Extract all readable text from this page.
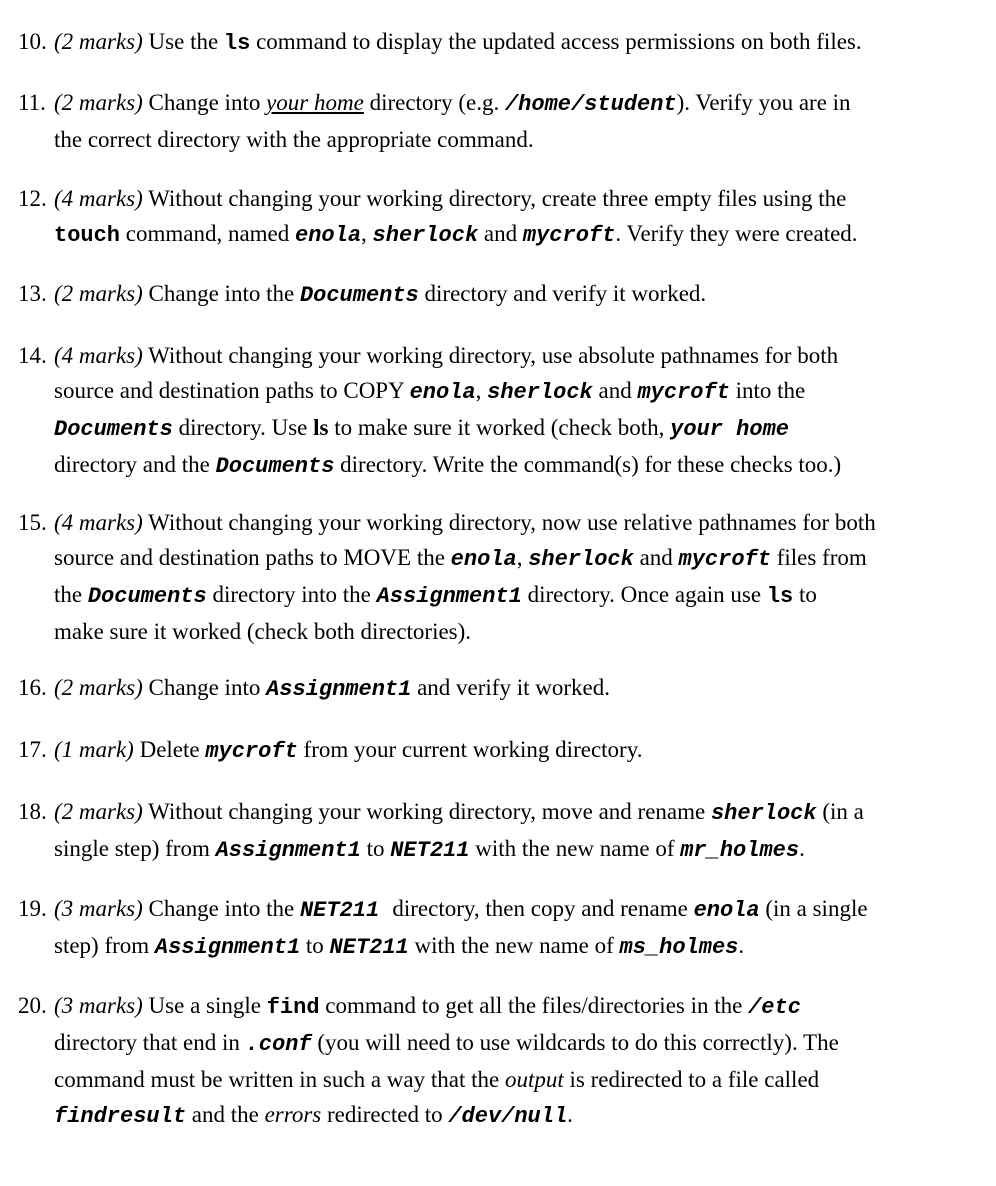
10. (2 marks) Use the ls command to display the updated access permissions on both files.
11. (2 marks) Change into your home directory (e.g. /home/student). Verify you are in
the correct directory with the appropriate command.
12. (4 marks) Without changing your working directory, create three empty files using the
touch command, named enola, sherlock and mycroft. Verify they were created.
13. (2 marks) Change into the Documents directory and verify it worked.
14. (4 marks) Without changing your working directory, use absolute pathnames for both
source and destination paths to COPY enola, sherlock and mycroft into the
Documents directory. Use ls to make sure it worked (check both, your home
directory and the Documents directory. Write the command(s) for these checks too.)
15. (4 marks) Without changing your working directory, now use relative pathnames for both
source and destination paths to MOVE the enola, sherlock and mycroft files from
the Documents directory into the Assignment1 directory. Once again use ls to
make sure it worked (check both directories).
16. (2 marks) Change into Assignment1 and verify it worked.
17. (1 mark) Delete mycroft from your current working directory.
18. (2 marks) Without changing your working directory, move and rename sherlock (in a
single step) from Assignment1 to NET211 with the new name of mr_holmes.
19. (3 marks) Change into the NET211 directory, then copy and rename enola (in a single
step) from Assignment1 to NET211 with the new name of ms_holmes.
20. (3 marks) Use a single find command to get all the files/directories in the /etc
directory that end in .conf (you will need to use wildcards to do this correctly). The
command must be written in such a way that the output is redirected to a file called
findresult and the errors redirected to /dev/null.
